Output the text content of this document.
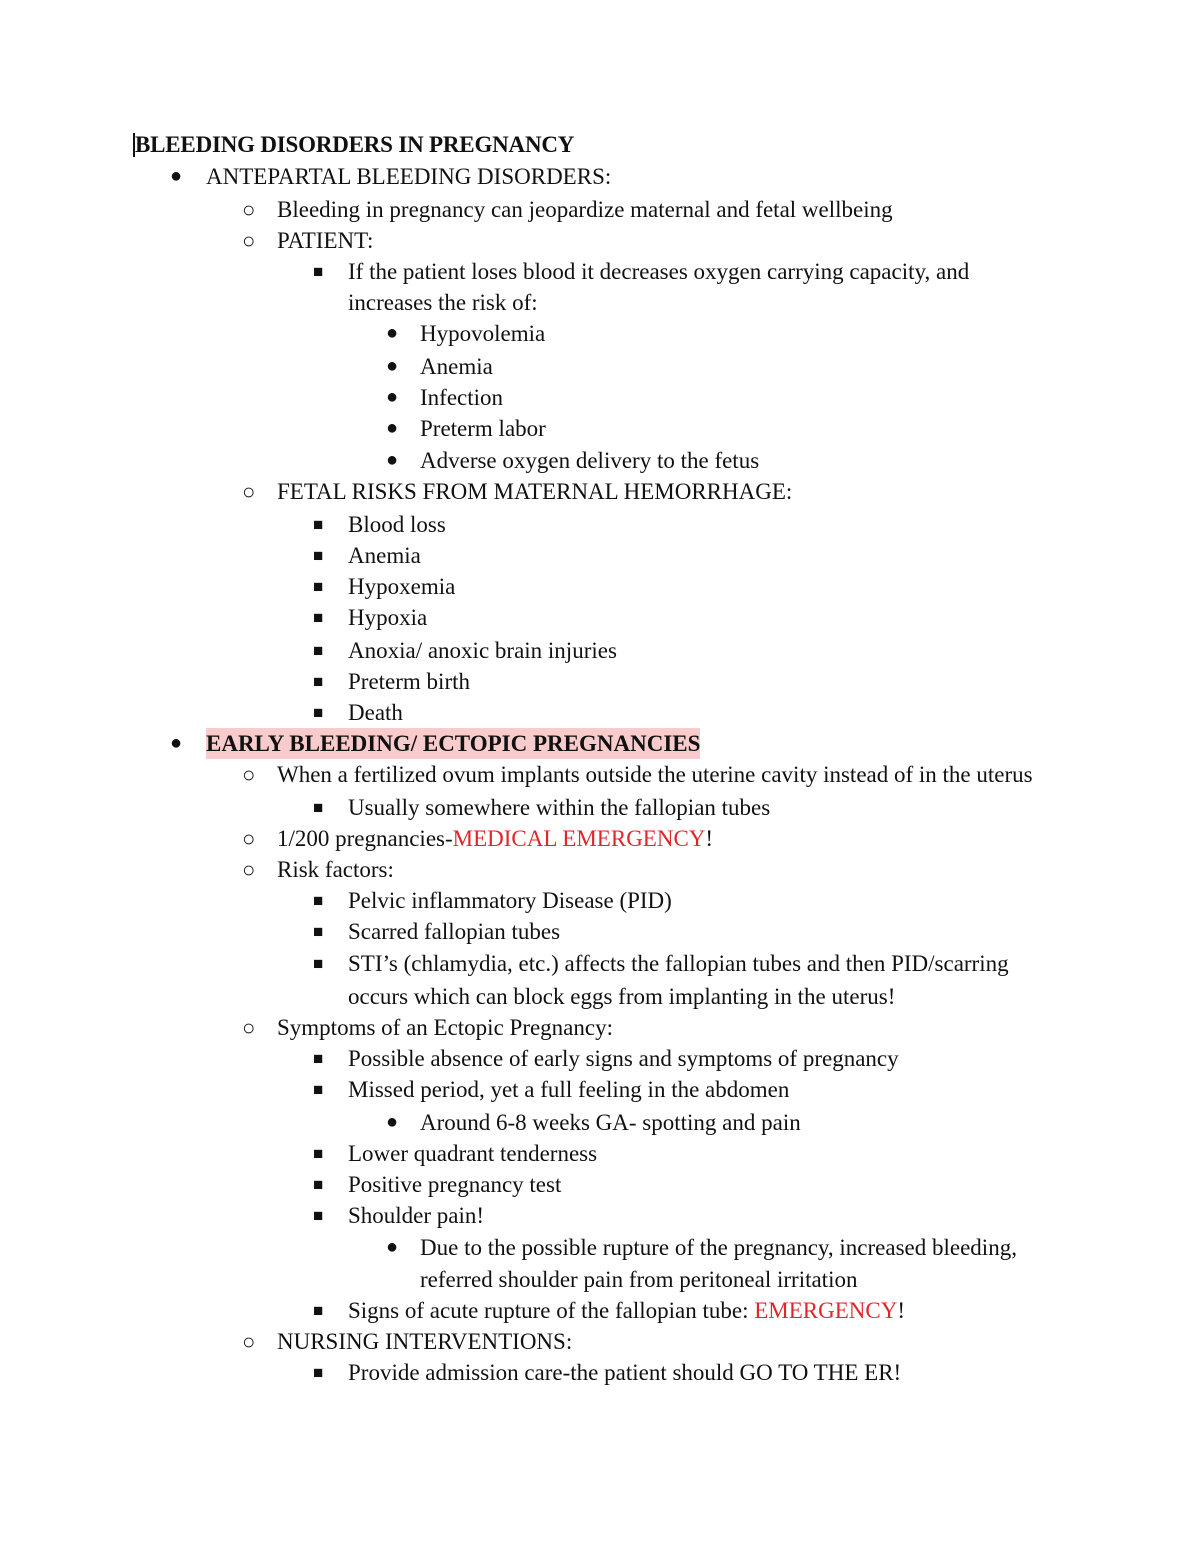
BLEEDING DISORDERS IN PREGNANCY
● ANTEPARTAL BLEEDING DISORDERS:
○ Bleeding in pregnancy can jeopardize maternal and fetal wellbeing
○ PATIENT:
■ If the patient loses blood it decreases oxygen carrying capacity, and
increases the risk of:
● Hypovolemia
● Anemia
● Infection
● Preterm labor
● Adverse oxygen delivery to the fetus
○ FETAL RISKS FROM MATERNAL HEMORRHAGE:
■ Blood loss
■ Anemia
■ Hypoxemia
■ Hypoxia
■ Anoxia/ anoxic brain injuries
■ Preterm birth
■ Death
● EARLY BLEEDING/ ECTOPIC PREGNANCIES
○ When a fertilized ovum implants outside the uterine cavity instead of in the uterus
■ Usually somewhere within the fallopian tubes
○ 1/200 pregnancies-MEDICAL EMERGENCY!
○ Risk factors:
■ Pelvic inflammatory Disease (PID)
■ Scarred fallopian tubes
■ STI’s (chlamydia, etc.) affects the fallopian tubes and then PID/scarring
occurs which can block eggs from implanting in the uterus!
○ Symptoms of an Ectopic Pregnancy:
■ Possible absence of early signs and symptoms of pregnancy
■ Missed period, yet a full feeling in the abdomen
● Around 6-8 weeks GA- spotting and pain
■ Lower quadrant tenderness
■ Positive pregnancy test
■ Shoulder pain!
● Due to the possible rupture of the pregnancy, increased bleeding,
referred shoulder pain from peritoneal irritation
■ Signs of acute rupture of the fallopian tube: EMERGENCY!
○ NURSING INTERVENTIONS:
■ Provide admission care-the patient should GO TO THE ER!
